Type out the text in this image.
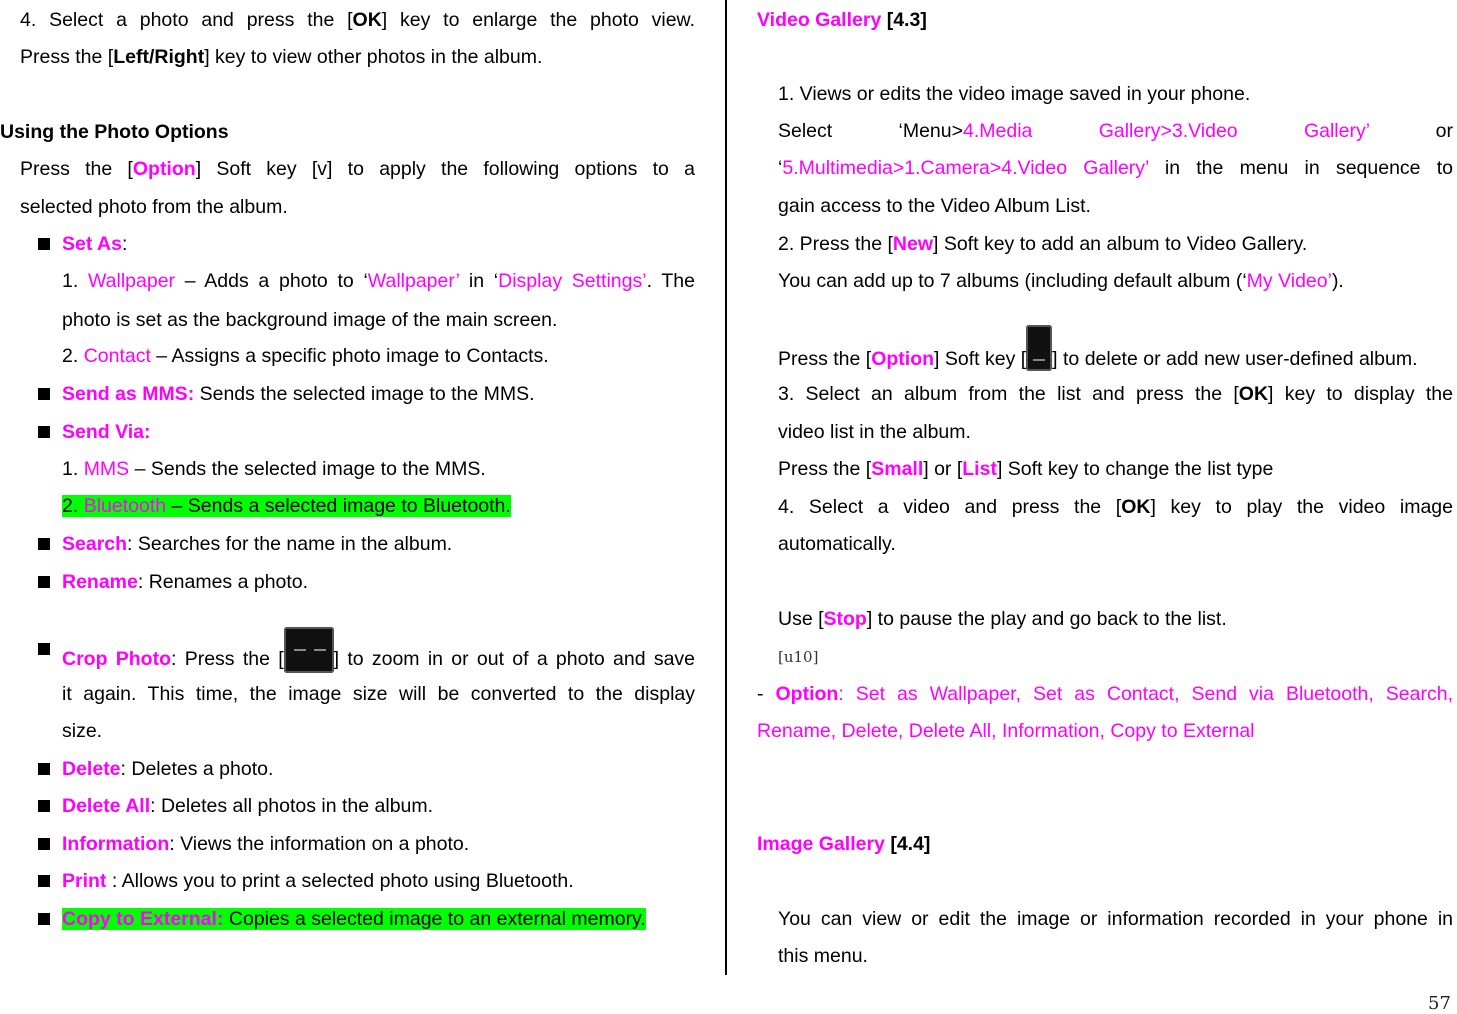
4. Select a photo and press the [OK] key to enlarge the photo view.
Press the [Left/Right] key to view other photos in the album.
Using the Photo Options
Press the [Option] Soft key [v] to apply the following options to a
selected photo from the album.
Set As:
1. Wallpaper – Adds a photo to ‘Wallpaper’ in ‘Display Settings’. The
photo is set as the background image of the main screen.
2. Contact – Assigns a specific photo image to Contacts.
Send as MMS: Sends the selected image to the MMS.
Send Via:
1. MMS – Sends the selected image to the MMS.
2. Bluetooth – Sends a selected image to Bluetooth.
Search: Searches for the name in the album.
Rename: Renames a photo.
Crop Photo: Press the [	] to zoom in or out of a photo and save
it again. This time, the image size will be converted to the display
size.
Delete: Deletes a photo.
Delete All: Deletes all photos in the album.
Information: Views the information on a photo.
Print : Allows you to print a selected photo using Bluetooth.
Copy to External: Copies a selected image to an external memory.
Video Gallery [4.3]
1. Views or edits the video image saved in your phone.
Select ‘Menu>4.Media Gallery>3.Video Gallery’ or
‘5.Multimedia>1.Camera>4.Video Gallery’ in the menu in sequence to
gain access to the Video Album List.
2. Press the [New] Soft key to add an album to Video Gallery.
You can add up to 7 albums (including default album (‘My Video’).
Press the [Option] Soft key [ ] to delete or add new user-defined album.
3. Select an album from the list and press the [OK] key to display the
video list in the album.
Press the [Small] or [List] Soft key to change the list type
4. Select a video and press the [OK] key to play the video image
automatically.
Use [Stop] to pause the play and go back to the list.
[u10]
- Option: Set as Wallpaper, Set as Contact, Send via Bluetooth, Search,
Rename, Delete, Delete All, Information, Copy to External
Image Gallery [4.4]
You can view or edit the image or information recorded in your phone in
this menu.
57
